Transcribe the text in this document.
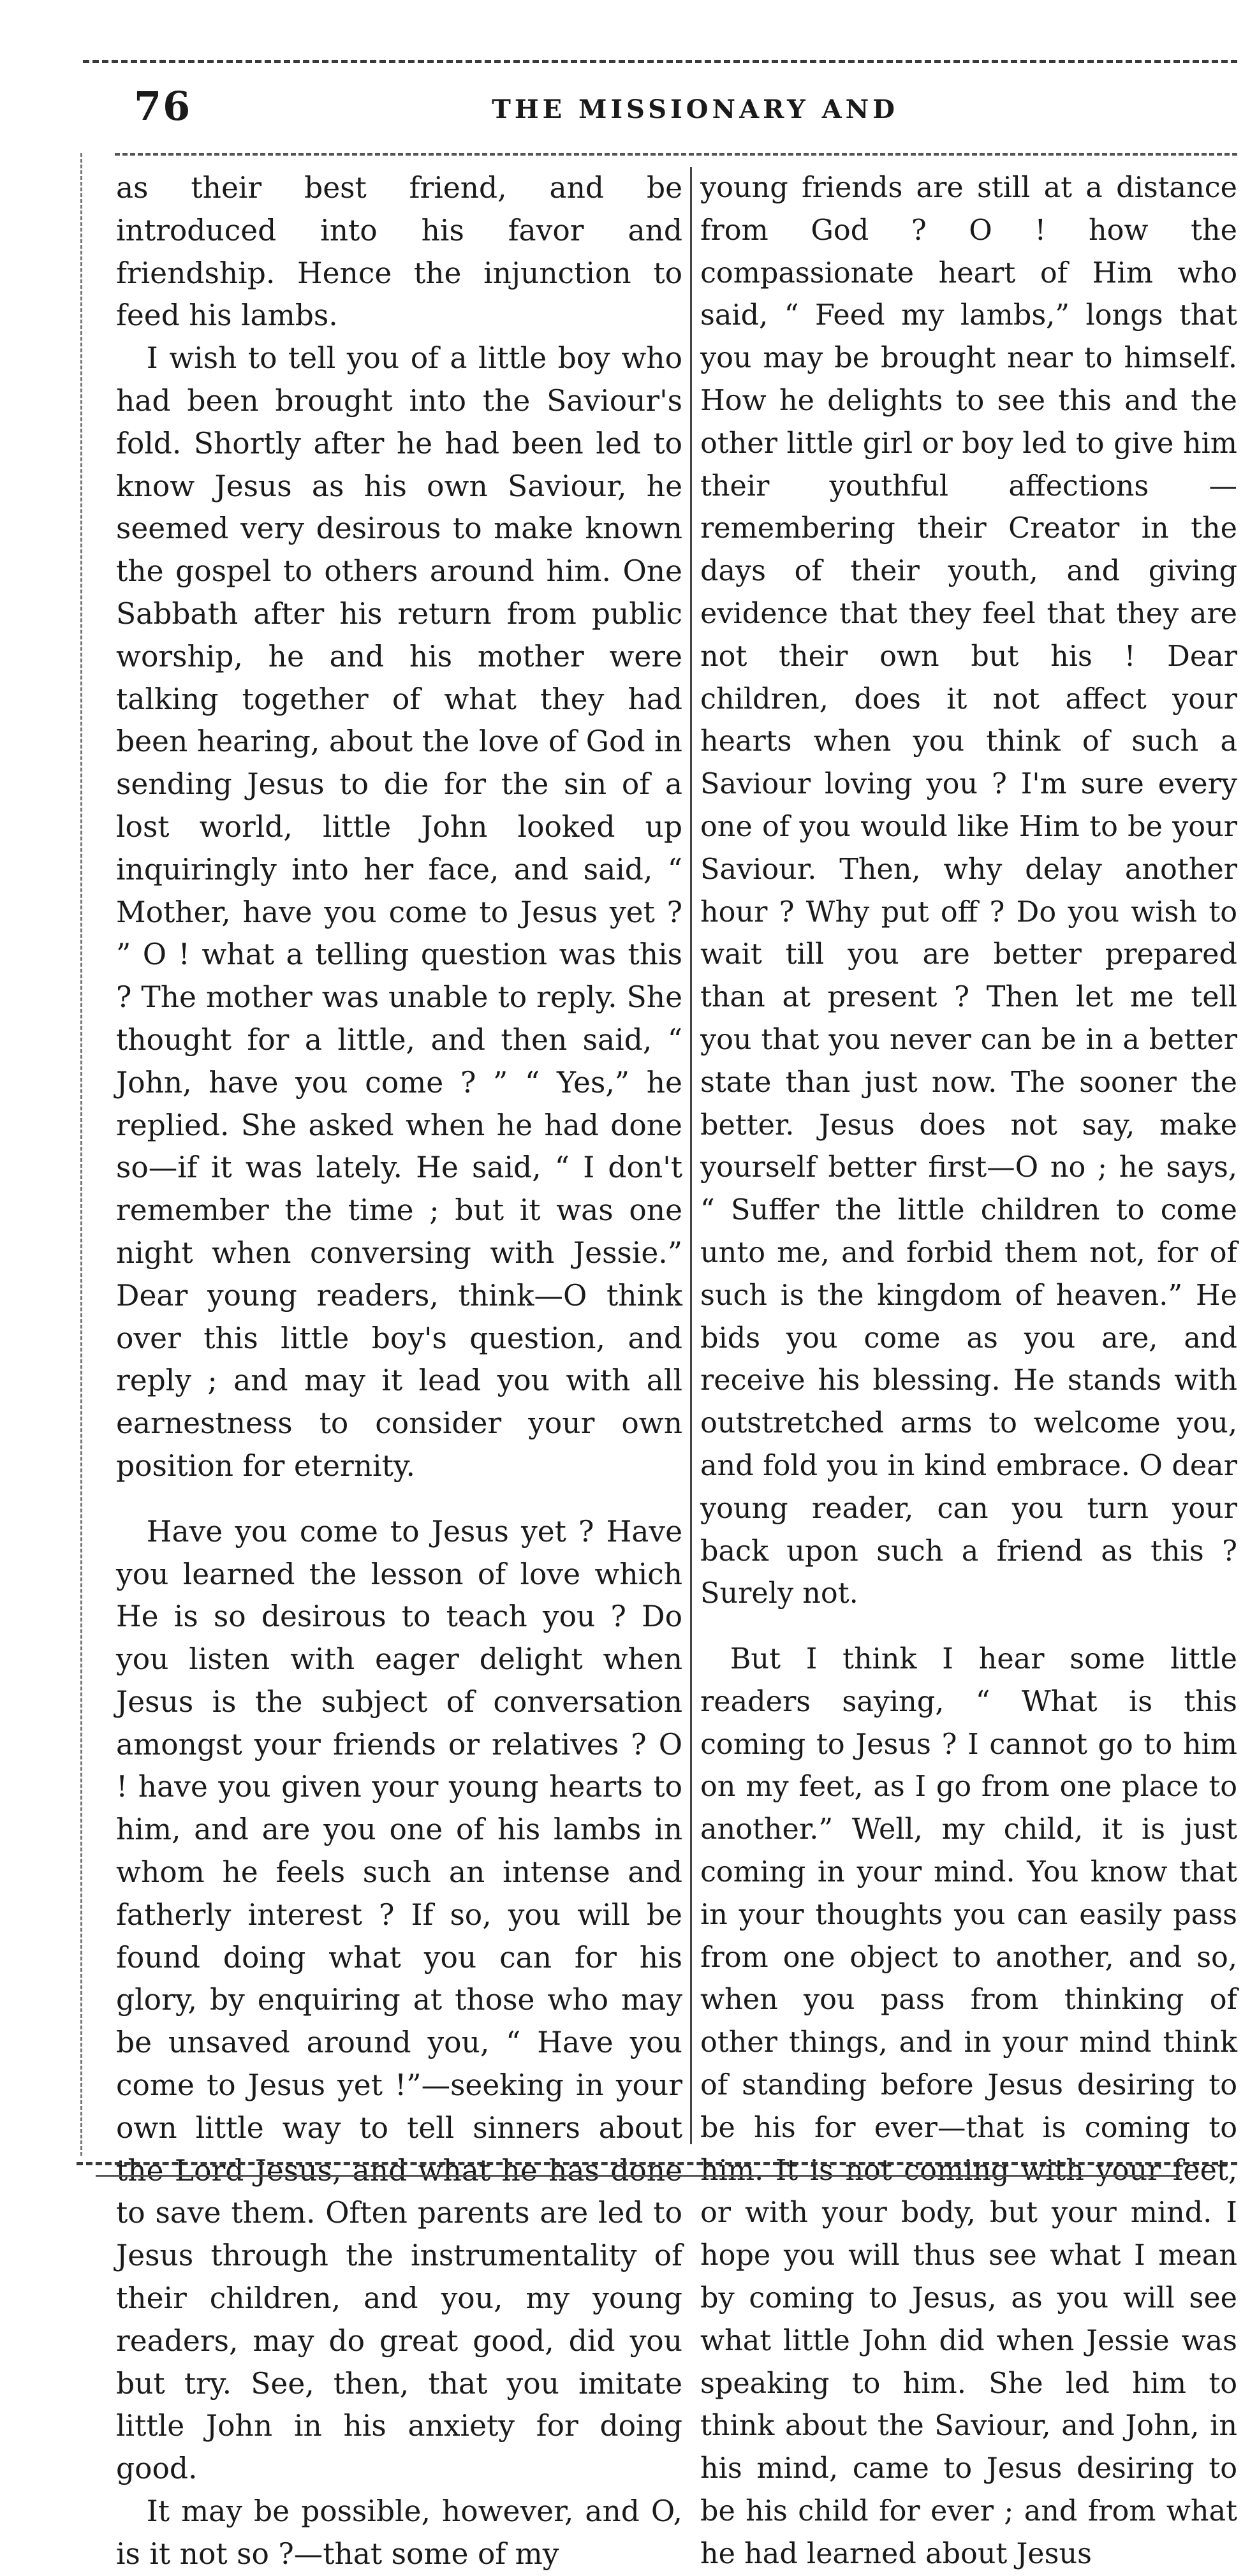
76	THE MISSIONARY AND

as their best friend, and be introduced into his favor and friendship. Hence the injunction to feed his lambs.

I wish to tell you of a little boy who had been brought into the Saviour's fold. Shortly after he had been led to know Jesus as his own Saviour, he seemed very desirous to make known the gospel to others around him. One Sabbath after his return from public worship, he and his mother were talking together of what they had been hearing, about the love of God in sending Jesus to die for the sin of a lost world, little John looked up inquiringly into her face, and said, “ Mother, have you come to Jesus yet ? ” O ! what a telling question was this ? The mother was unable to reply. She thought for a little, and then said, “ John, have you come ? ” “ Yes,” he replied. She asked when he had done so—if it was lately. He said, “ I don't remember the time ; but it was one night when conversing with Jessie.” Dear young readers, think—O think over this little boy's question, and reply ; and may it lead you with all earnestness to consider your own position for eternity.

Have you come to Jesus yet ? Have you learned the lesson of love which He is so desirous to teach you ? Do you listen with eager delight when Jesus is the subject of conversation amongst your friends or relatives ? O ! have you given your young hearts to him, and are you one of his lambs in whom he feels such an intense and fatherly interest ? If so, you will be found doing what you can for his glory, by enquiring at those who may be unsaved around you, “ Have you come to Jesus yet !”—seeking in your own little way to tell sinners about the Lord Jesus, and what he has done to save them. Often parents are led to Jesus through the instrumentality of their children, and you, my young readers, may do great good, did you but try. See, then, that you imitate little John in his anxiety for doing good.

It may be possible, however, and O, is it not so ?—that some of my

young friends are still at a distance from God ? O ! how the compassionate heart of Him who said, “ Feed my lambs,” longs that you may be brought near to himself. How he delights to see this and the other little girl or boy led to give him their youthful affections — remembering their Creator in the days of their youth, and giving evidence that they feel that they are not their own but his ! Dear children, does it not affect your hearts when you think of such a Saviour loving you ? I'm sure every one of you would like Him to be your Saviour. Then, why delay another hour ? Why put off ? Do you wish to wait till you are better prepared than at present ? Then let me tell you that you never can be in a better state than just now. The sooner the better. Jesus does not say, make yourself better first—O no ; he says, “ Suffer the little children to come unto me, and forbid them not, for of such is the kingdom of heaven.” He bids you come as you are, and receive his blessing. He stands with outstretched arms to welcome you, and fold you in kind embrace. O dear young reader, can you turn your back upon such a friend as this ? Surely not.

But I think I hear some little readers saying, “ What is this coming to Jesus ? I cannot go to him on my feet, as I go from one place to another.” Well, my child, it is just coming in your mind. You know that in your thoughts you can easily pass from one object to another, and so, when you pass from thinking of other things, and in your mind think of standing before Jesus desiring to be his for ever—that is coming to him. It is not coming with your feet, or with your body, but your mind. I hope you will thus see what I mean by coming to Jesus, as you will see what little John did when Jessie was speaking to him. She led him to think about the Saviour, and John, in his mind, came to Jesus desiring to be his child for ever ; and from what he had learned about Jesus
